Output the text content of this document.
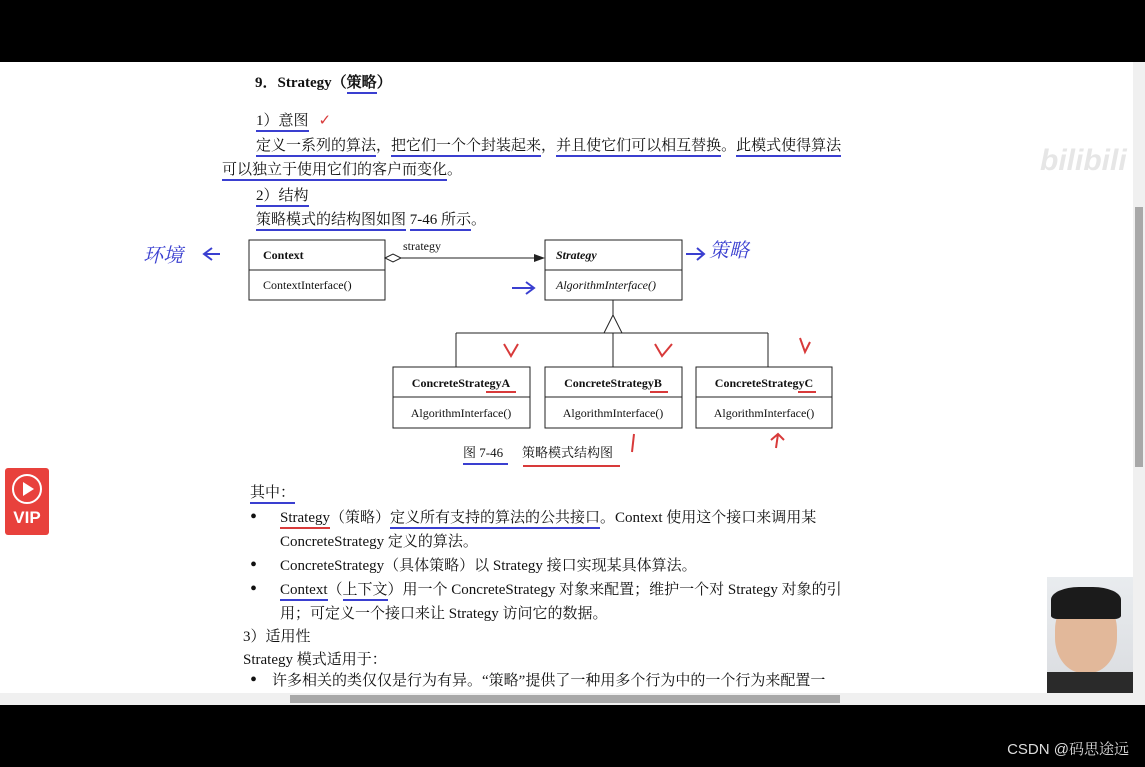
bilibili
9．Strategy（策略）
1）意图 ✓
定义一系列的算法，把它们一个个封装起来，并且使它们可以相互替换。此模式使得算法
可以独立于使用它们的客户而变化。
2）结构
策略模式的结构图如图 7-46 所示。
Context
ContextInterface()
strategy
Strategy
AlgorithmInterface()
ConcreteStrategyA
AlgorithmInterface()
ConcreteStrategyB
AlgorithmInterface()
ConcreteStrategyC
AlgorithmInterface()
图 7-46 策略模式结构图
环境	策略
其中：
• Strategy（策略）定义所有支持的算法的公共接口。Context 使用这个接口来调用某
ConcreteStrategy 定义的算法。
• ConcreteStrategy（具体策略）以 Strategy 接口实现某具体算法。
• Context（上下文）用一个 ConcreteStrategy 对象来配置；维护一个对 Strategy 对象的引
用；可定义一个接口来让 Strategy 访问它的数据。
3）适用性
Strategy 模式适用于：
• 许多相关的类仅仅是行为有异。“策略”提供了一种用多个行为中的一个行为来配置一
VIP
CSDN @码思途远
